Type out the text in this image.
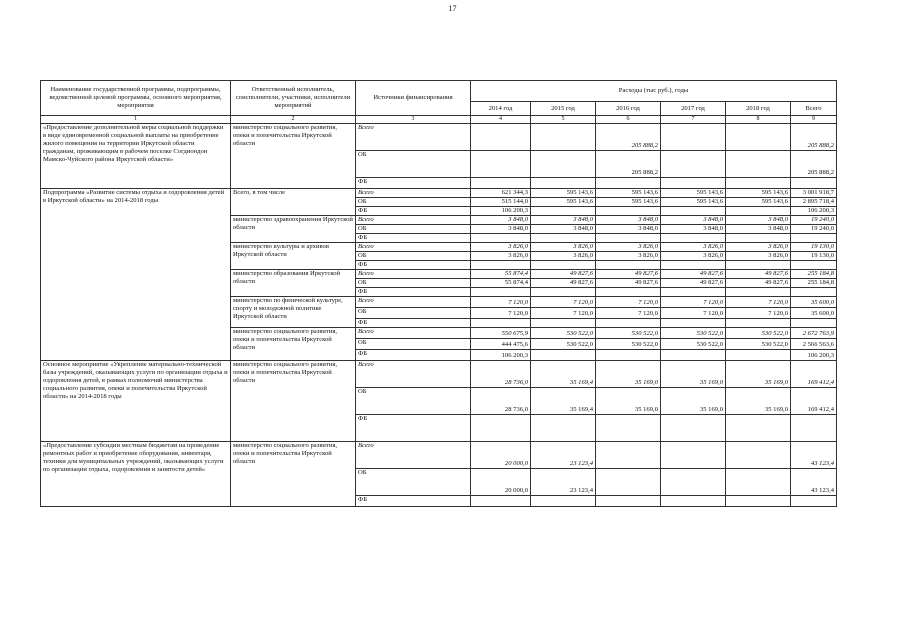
17
Наименование государственной программы, подпрограммы, ведомственной целевой программы, основного мероприятия, мероприятия	Ответственный исполнитель, соисполнители, участники, исполнители мероприятий	Источники финансирования	Расходы (тыс руб.), годы					
			2014 год	2015 год	2016 год	2017 год	2018 год	Всего
1	2	3	4	5	6	7	8	9
«Предоставление дополнительной меры социальной поддержки в виде единовременной социальной выплаты на приобретение жилого помещения на территории Иркутской области гражданам, проживающим в рабочем поселке Согдиондон Мамско-Чуйского района Иркутской области»	министерство социального развития, опеки и попечительства Иркутской области	Всего			205 888,2			205 888,2
		ОБ			205 888,2			205 888,2
		ФБ						
Подпрограмма «Развитие системы отдыха и оздоровления детей в Иркутской области» на 2014-2018 годы	Всего, в том числе	Всего	621 344,3	595 143,6	595 143,6	595 143,6	595 143,6	3 001 918,7
		ОБ	515 144,0	595 143,6	595 143,6	595 143,6	595 143,6	2 895 718,4
		ФБ	106 200,3					106 200,3
	министерство здравоохранения Иркутской области	Всего	3 848,0	3 848,0	3 848,0	3 848,0	3 848,0	19 240,0
		ОБ	3 848,0	3 848,0	3 848,0	3 848,0	3 848,0	19 240,0
		ФБ						
	министерство культуры и архивов Иркутской области	Всего	3 826,0	3 826,0	3 826,0	3 826,0	3 826,0	19 130,0
		ОБ	3 826,0	3 826,0	3 826,0	3 826,0	3 826,0	19 130,0
		ФБ						
	министерство образования Иркутской области	Всего	55 874,4	49 827,6	49 827,6	49 827,6	49 827,6	255 184,8
		ОБ	55 874,4	49 827,6	49 827,6	49 827,6	49 827,6	255 184,8
		ФБ						
	министерство по физической культуре, спорту и молодежной политике Иркутской области	Всего	7 120,0	7 120,0	7 120,0	7 120,0	7 120,0	35 600,0
		ОБ	7 120,0	7 120,0	7 120,0	7 120,0	7 120,0	35 600,0
		ФБ						
	министерство социального развития, опеки и попечительства Иркутской области	Всего	550 675,9	530 522,0	530 522,0	530 522,0	530 522,0	2 672 763,9
		ОБ	444 475,6	530 522,0	530 522,0	530 522,0	530 522,0	2 566 563,6
		ФБ	106 200,3					106 200,3
Основное мероприятие «Укрепление материально-технической базы учреждений, оказывающих услуги по организации отдыха и оздоровления детей, в рамках полномочий министерства социального развития, опеки и попечительства Иркутской области» на 2014-2018 годы	министерство социального развития, опеки и попечительства Иркутской области	Всего	28 736,0	35 169,4	35 169,0	35 169,0	35 169,0	169 412,4
		ОБ	28 736,0	35 169,4	35 169,0	35 169,0	35 169,0	169 412,4
		ФБ						
«Предоставление субсидии местным бюджетам на проведение ремонтных работ и приобретение оборудования, инвентаря, техники для муниципальных учреждений, оказывающих услуги по организации отдыха, оздоровления и занятости детей»	министерство социального развития, опеки и попечительства Иркутской области	Всего	20 000,0	23 123,4				43 123,4
		ОБ	20 000,0	23 123,4				43 123,4
		ФБ						
